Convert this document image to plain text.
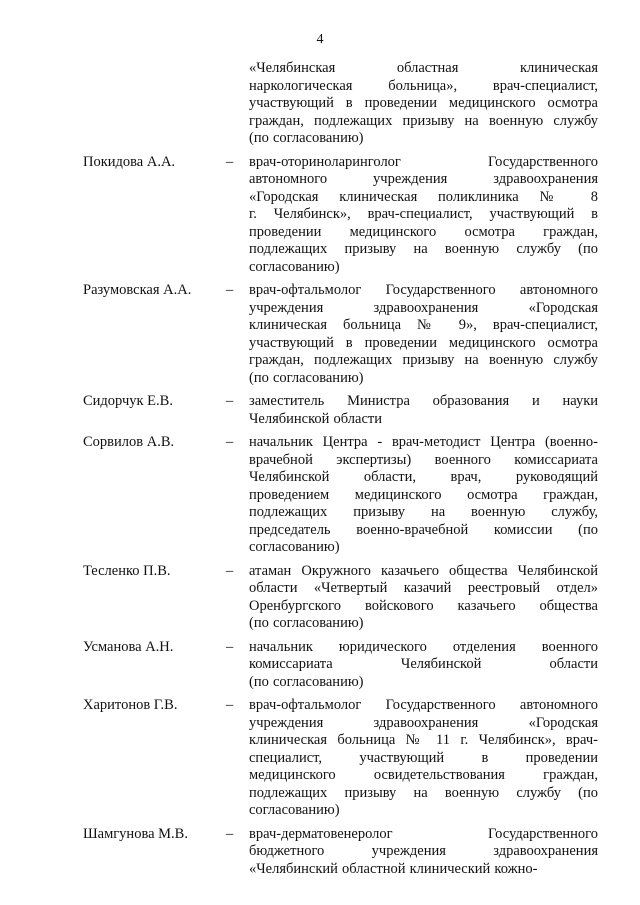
4
«Челябинская областная клиническая
наркологическая больница», врач-специалист,
участвующий в проведении медицинского осмотра
граждан, подлежащих призыву на военную службу
(по согласованию)
Покидова А.А.	–	врач-оториноларинголог Государственного
автономного учреждения здравоохранения
«Городская клиническая поликлиника № 8
г. Челябинск», врач-специалист, участвующий в
проведении медицинского осмотра граждан,
подлежащих призыву на военную службу (по
согласованию)
Разумовская А.А.	–	врач-офтальмолог Государственного автономного
учреждения здравоохранения «Городская
клиническая больница № 9», врач-специалист,
участвующий в проведении медицинского осмотра
граждан, подлежащих призыву на военную службу
(по согласованию)
Сидорчук Е.В.	–	заместитель Министра образования и науки
Челябинской области
Сорвилов А.В.	–	начальник Центра - врач-методист Центра (военно-
врачебной экспертизы) военного комиссариата
Челябинской области, врач, руководящий
проведением медицинского осмотра граждан,
подлежащих призыву на военную службу,
председатель военно-врачебной комиссии (по
согласованию)
Тесленко П.В.	–	атаман Окружного казачьего общества Челябинской
области «Четвертый казачий реестровый отдел»
Оренбургского войскового казачьего общества
(по согласованию)
Усманова А.Н.	–	начальник юридического отделения военного
комиссариата Челябинской области
(по согласованию)
Харитонов Г.В.	–	врач-офтальмолог Государственного автономного
учреждения здравоохранения «Городская
клиническая больница № 11 г. Челябинск», врач-
специалист, участвующий в проведении
медицинского освидетельствования граждан,
подлежащих призыву на военную службу (по
согласованию)
Шамгунова М.В.	–	врач-дерматовенеролог Государственного
бюджетного учреждения здравоохранения
«Челябинский областной клинический кожно-
